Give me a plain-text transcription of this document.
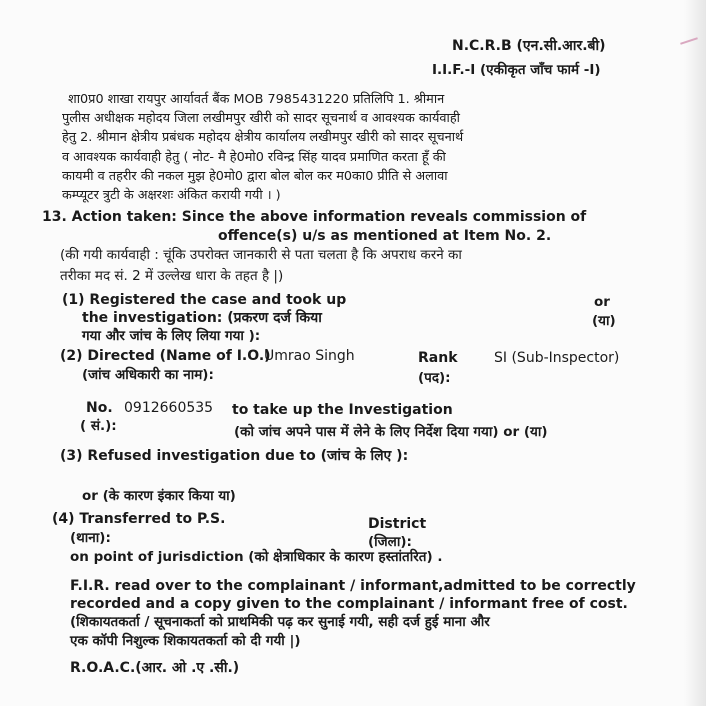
N.C.R.B (एन.सी.आर.बी)
I.I.F.-I (एकीकृत जाँच फार्म -I)
शा0प्र0 शाखा रायपुर आर्यावर्त बैंक MOB 7985431220 प्रतिलिपि 1. श्रीमान
पुलीस अधीक्षक महोदय जिला लखीमपुर खीरी को सादर सूचनार्थ व आवश्यक कार्यवाही
हेतु 2. श्रीमान क्षेत्रीय प्रबंधक महोदय क्षेत्रीय कार्यालय लखीमपुर खीरी को सादर सूचनार्थ
व आवश्यक कार्यवाही हेतु ( नोट- मै हे0मो0 रविन्द्र सिंह यादव प्रमाणित करता हूँ की
कायमी व तहरीर की नकल मुझ हे0मो0 द्वारा बोल बोल कर म0का0 प्रीति से अलावा
कम्प्यूटर त्रुटी के अक्षरशः अंकित करायी गयी । )
13. Action taken: Since the above information reveals commission of
offence(s) u/s as mentioned at Item No. 2.
(की गयी कार्यवाही : चूंकि उपरोक्त जानकारी से पता चलता है कि अपराध करने का
तरीका मद सं. 2 में उल्लेख धारा के तहत है |)
(1) Registered the case and took up	or
the investigation: (प्रकरण दर्ज किया	(या)
गया और जांच के लिए लिया गया ):
(2) Directed (Name of I.O.)
Umrao Singh	Rank	SI (Sub-Inspector)
(जांच अधिकारी का नाम):	(पद):
No. 0912660535 to take up the Investigation
( सं.):	(को जांच अपने पास में लेने के लिए निर्देश दिया गया) or (या)
(3) Refused investigation due to (जांच के लिए ):
or (के कारण इंकार किया या)
(4) Transferred to P.S.	District
(थाना):	(जिला):
on point of jurisdiction (को क्षेत्राधिकार के कारण हस्तांतरित) .
F.I.R. read over to the complainant / informant,admitted to be correctly
recorded and a copy given to the complainant / informant free of cost.
(शिकायतकर्ता / सूचनाकर्ता को प्राथमिकी पढ़ कर सुनाई गयी, सही दर्ज हुई माना और
एक कॉपी निशुल्क शिकायतकर्ता को दी गयी |)
R.O.A.C.(आर. ओ .ए .सी.)
